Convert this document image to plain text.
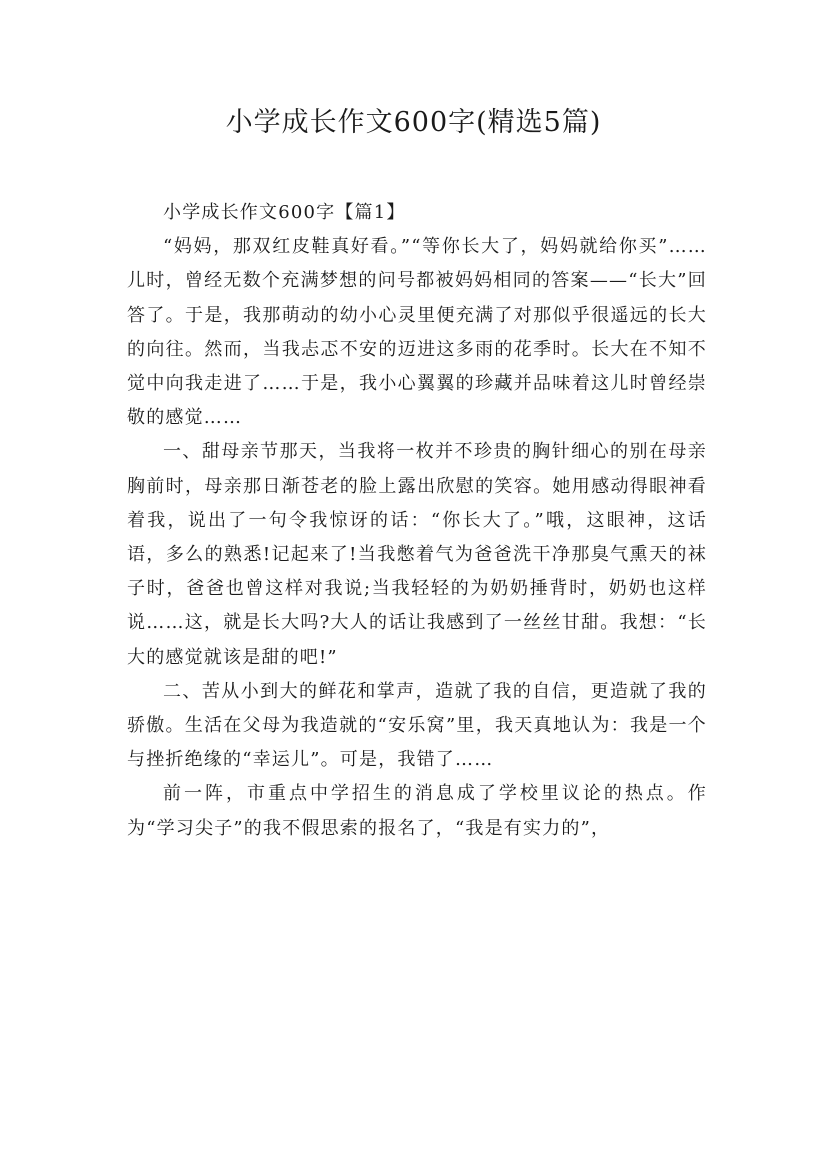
小学成长作文600字(精选5篇)

小学成长作文600字【篇1】

“妈妈，那双红皮鞋真好看。”“等你长大了，妈妈就给你买”……儿时，曾经无数个充满梦想的问号都被妈妈相同的答案——“长大”回答了。于是，我那萌动的幼小心灵里便充满了对那似乎很遥远的长大的向往。然而，当我忐忑不安的迈进这多雨的花季时。长大在不知不觉中向我走进了……于是，我小心翼翼的珍藏并品味着这儿时曾经崇敬的感觉……

一、甜母亲节那天，当我将一枚并不珍贵的胸针细心的别在母亲胸前时，母亲那日渐苍老的脸上露出欣慰的笑容。她用感动得眼神看着我，说出了一句令我惊讶的话：“你长大了。”哦，这眼神，这话语，多么的熟悉!记起来了!当我憋着气为爸爸洗干净那臭气熏天的袜子时，爸爸也曾这样对我说;当我轻轻的为奶奶捶背时，奶奶也这样说……这，就是长大吗?大人的话让我感到了一丝丝甘甜。我想：“长大的感觉就该是甜的吧!”

二、苦从小到大的鲜花和掌声，造就了我的自信，更造就了我的骄傲。生活在父母为我造就的“安乐窝”里，我天真地认为：我是一个与挫折绝缘的“幸运儿”。可是，我错了……

前一阵，市重点中学招生的消息成了学校里议论的热点。作为“学习尖子”的我不假思索的报名了，“我是有实力的”，
